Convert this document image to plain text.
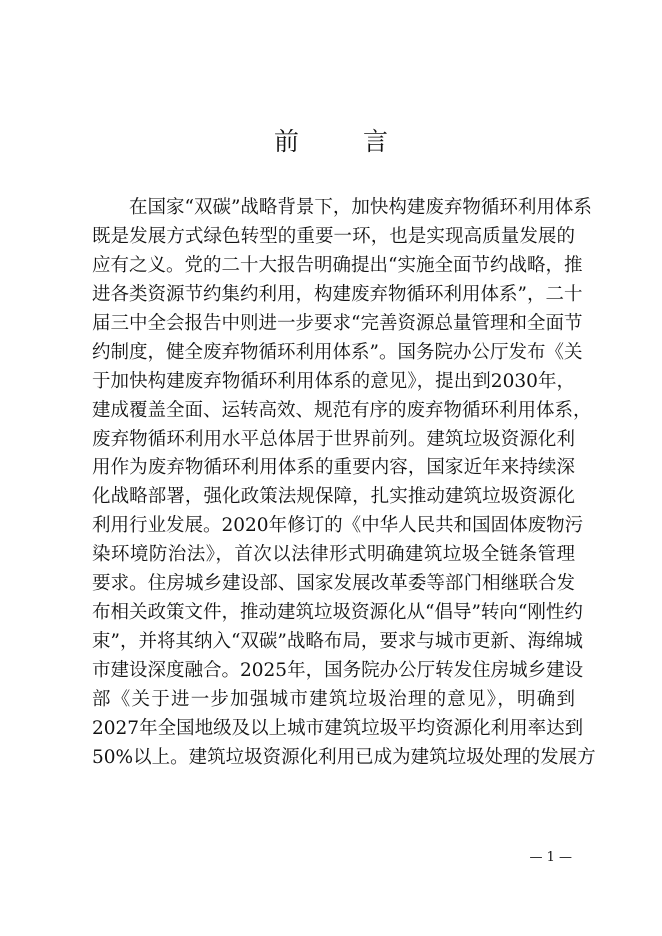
前 言
在国家“双碳”战略背景下，加快构建废弃物循环利用体系
既是发展方式绿色转型的重要一环，也是实现高质量发展的
应有之义。党的二十大报告明确提出“实施全面节约战略，推
进各类资源节约集约利用，构建废弃物循环利用体系”，二十
届三中全会报告中则进一步要求“完善资源总量管理和全面节
约制度，健全废弃物循环利用体系”。国务院办公厅发布《关
于加快构建废弃物循环利用体系的意见》，提出到2030年，
建成覆盖全面、运转高效、规范有序的废弃物循环利用体系，
废弃物循环利用水平总体居于世界前列。建筑垃圾资源化利
用作为废弃物循环利用体系的重要内容，国家近年来持续深
化战略部署，强化政策法规保障，扎实推动建筑垃圾资源化
利用行业发展。2020年修订的《中华人民共和国固体废物污
染环境防治法》，首次以法律形式明确建筑垃圾全链条管理
要求。住房城乡建设部、国家发展改革委等部门相继联合发
布相关政策文件，推动建筑垃圾资源化从“倡导”转向“刚性约
束”，并将其纳入“双碳”战略布局，要求与城市更新、海绵城
市建设深度融合。2025年，国务院办公厅转发住房城乡建设
部《关于进一步加强城市建筑垃圾治理的意见》，明确到
2027年全国地级及以上城市建筑垃圾平均资源化利用率达到
50%以上。建筑垃圾资源化利用已成为建筑垃圾处理的发展方
— 1 —
